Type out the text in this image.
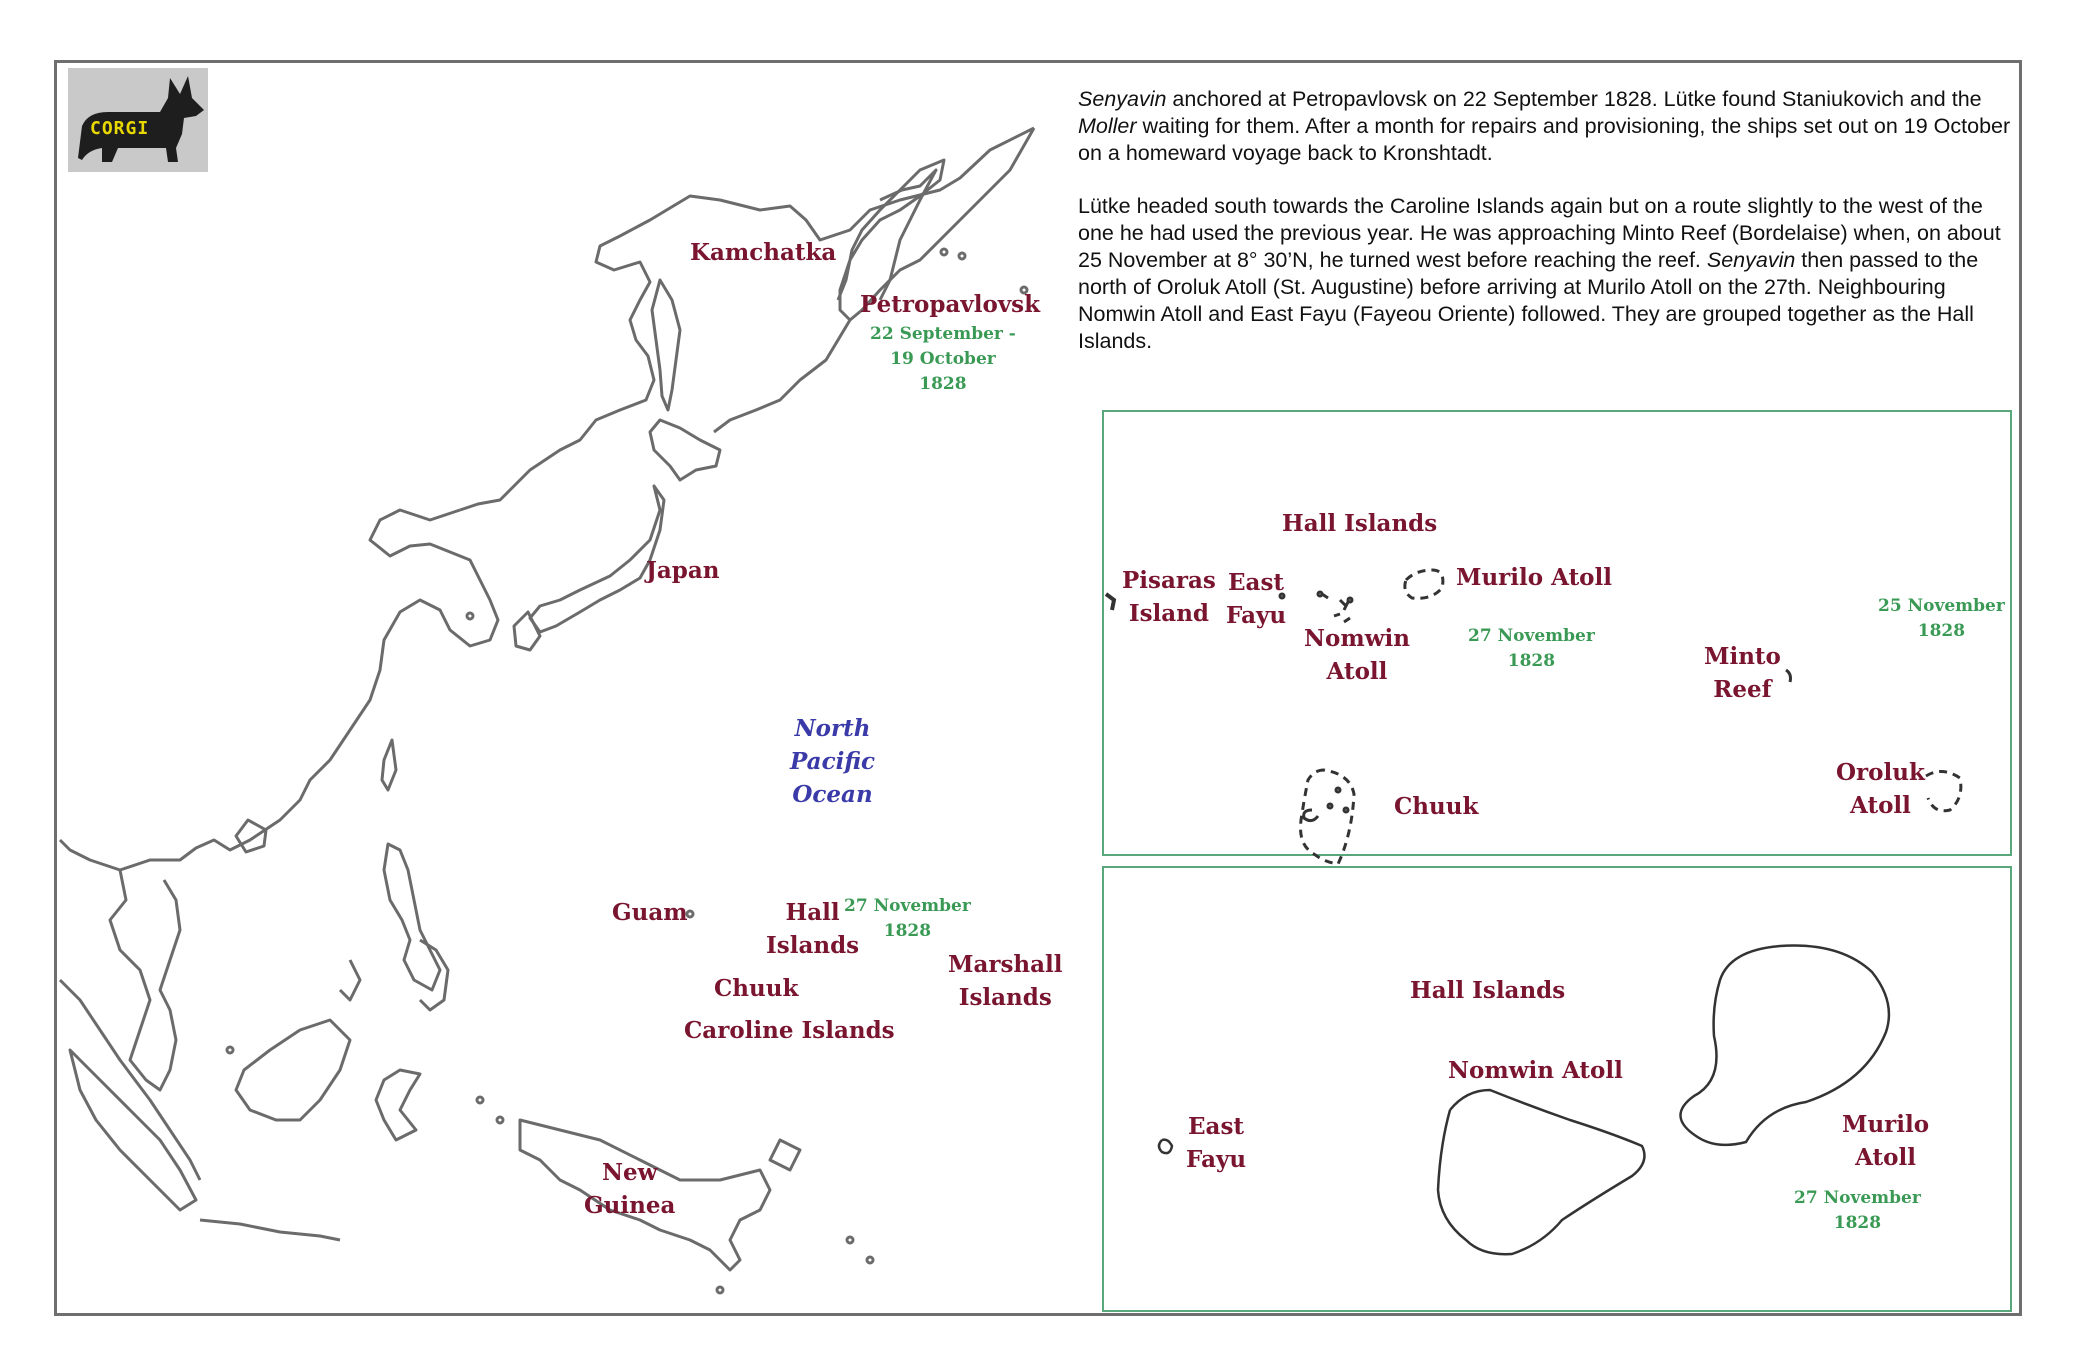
CORGI

Senyavin anchored at Petropavlovsk on 22 September 1828. Lütke found Staniukovich and the Moller waiting for them. After a month for repairs and provisioning, the ships set out on 19 October on a homeward voyage back to Kronshtadt.

Lütke headed south towards the Caroline Islands again but on a route slightly to the west of the one he had used the previous year. He was approaching Minto Reef (Bordelaise) when, on about 25 November at 8° 30’N, he turned west before reaching the reef. Senyavin then passed to the north of Oroluk Atoll (St. Augustine) before arriving at Murilo Atoll on the 27th. Neighbouring Nomwin Atoll and East Fayu (Fayeou Oriente) followed. They are grouped together as the Hall Islands.

Kamchatka
Petropavlovsk
22 September -
19 October
1828
Japan
North
Pacific
Ocean
Guam	Hall
Islands
27 November
1828
Marshall
Islands
Chuuk
Caroline Islands
New
Guinea
Hall Islands
Pisaras
Island
East
Fayu
Nomwin
Atoll
Murilo Atoll
27 November
1828	Minto
Reef
25 November
1828
Chuuk
Oroluk
Atoll
Hall Islands
Nomwin Atoll
East
Fayu
Murilo
Atoll
27 November
1828
